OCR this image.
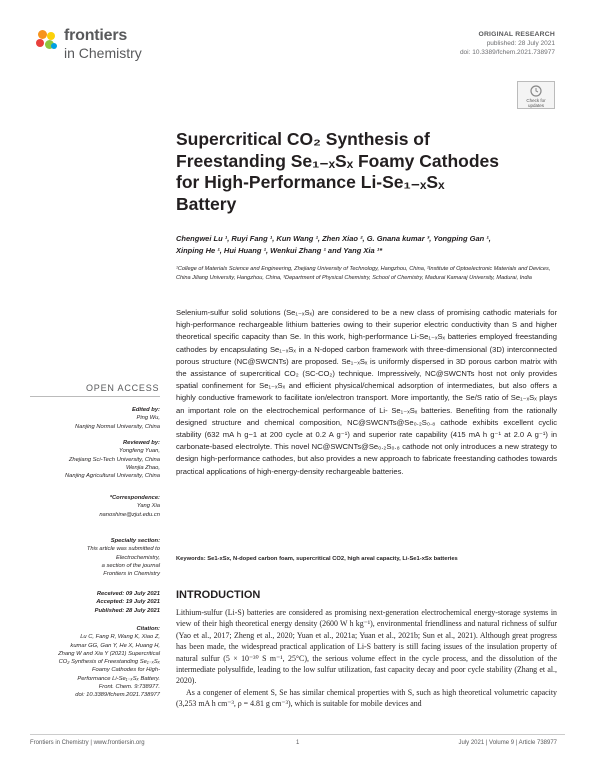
frontiers
in Chemistry
ORIGINAL RESEARCH
published: 28 July 2021
doi: 10.3389/fchem.2021.738977
Check for updates
Supercritical CO₂ Synthesis of
Freestanding Se₁₋ₓSₓ Foamy Cathodes
for High-Performance Li-Se₁₋ₓSₓ
Battery
Chengwei Lu ¹, Ruyi Fang ¹, Kun Wang ¹, Zhen Xiao ², G. Gnana kumar ³, Yongping Gan ¹,
Xinping He ¹, Hui Huang ¹, Wenkui Zhang ¹ and Yang Xia ¹*
¹College of Materials Science and Engineering, Zhejiang University of Technology, Hangzhou, China, ²Institute of Optoelectronic Materials and Devices, China Jiliang University, Hangzhou, China, ³Department of Physical Chemistry, School of Chemistry, Madurai Kamaraj University, Madurai, India

Selenium-sulfur solid solutions (Se₁₋ₓSₓ) are considered to be a new class of promising cathodic materials for high-performance rechargeable lithium batteries owing to their superior electric conductivity than S and higher theoretical specific capacity than Se. In this work, high-performance Li-Se₁₋ₓSₓ batteries employed freestanding cathodes by encapsulating Se₁₋ₓSₓ in a N-doped carbon framework with three-dimensional (3D) interconnected porous structure (NC@SWCNTs) are proposed. Se₁₋ₓSₓ is uniformly dispersed in 3D porous carbon matrix with the assistance of supercritical CO₂ (SC-CO₂) technique. Impressively, NC@SWCNTs host not only provides spatial confinement for Se₁₋ₓSₓ and efficient physical/chemical adsorption of intermediates, but also offers a highly conductive framework to facilitate ion/electron transport. More importantly, the Se/S ratio of Se₁₋ₓSₓ plays an important role on the electrochemical performance of Li- Se₁₋ₓSₓ batteries. Benefiting from the rationally designed structure and chemical composition, NC@SWCNTs@Se₀.₂S₀.₈ cathode exhibits excellent cyclic stability (632 mA h g−1 at 200 cycle at 0.2 A g⁻¹) and superior rate capability (415 mA h g⁻¹ at 2.0 A g⁻¹) in carbonate-based electrolyte. This novel NC@SWCNTs@Se₀.₂S₀.₈ cathode not only introduces a new strategy to design high-performance cathodes, but also provides a new approach to fabricate freestanding cathodes towards practical applications of high-energy-density rechargeable batteries.

Keywords: Se1-xSx, N-doped carbon foam, supercritical CO2, high areal capacity, Li-Se1-xSx batteries
INTRODUCTION

Lithium-sulfur (Li-S) batteries are considered as promising next-generation electrochemical energy-storage systems in view of their high theoretical energy density (2600 W h kg⁻¹), environmental friendliness and natural richness of sulfur (Yao et al., 2017; Zheng et al., 2020; Yuan et al., 2021a; Yuan et al., 2021b; Sun et al., 2021). Although great progress has been made, the widespread practical application of Li-S battery is still facing issues of the insulation property of natural sulfur (5 × 10⁻³⁰ S m⁻¹, 25°C), the serious volume effect in the cycle process, and the dissolution of the intermediate polysulfide, leading to the low sulfur utilization, fast capacity decay and poor cycle stability (Zhang et al., 2020).

As a congener of element S, Se has similar chemical properties with S, such as high theoretical volumetric capacity (3,253 mA h cm⁻³, ρ = 4.81 g cm⁻³), which is suitable for mobile devices and

OPEN ACCESS
Edited by:
Ping Wu,
Nanjing Normal University, China
Reviewed by:
Yongfeng Yuan,
Zhejiang Sci-Tech University, China
Wenjia Zhao,
Nanjing Agricultural University, China
*Correspondence:
Yang Xia
nanoshine@zjut.edu.cn
Specialty section:
This article was submitted to
Electrochemistry,
a section of the journal
Frontiers in Chemistry
Received: 09 July 2021
Accepted: 19 July 2021
Published: 28 July 2021
Citation:
Lu C, Fang R, Wang K, Xiao Z,
kumar GG, Gan Y, He X, Huang H,
Zhang W and Xia Y (2021) Supercritical
CO₂ Synthesis of Freestanding Se₁₋ₓSₓ
Foamy Cathodes for High-
Performance Li-Se₁₋ₓSₓ Battery.
Front. Chem. 9:738977.
doi: 10.3389/fchem.2021.738977
Frontiers in Chemistry | www.frontiersin.org	1	July 2021 | Volume 9 | Article 738977
